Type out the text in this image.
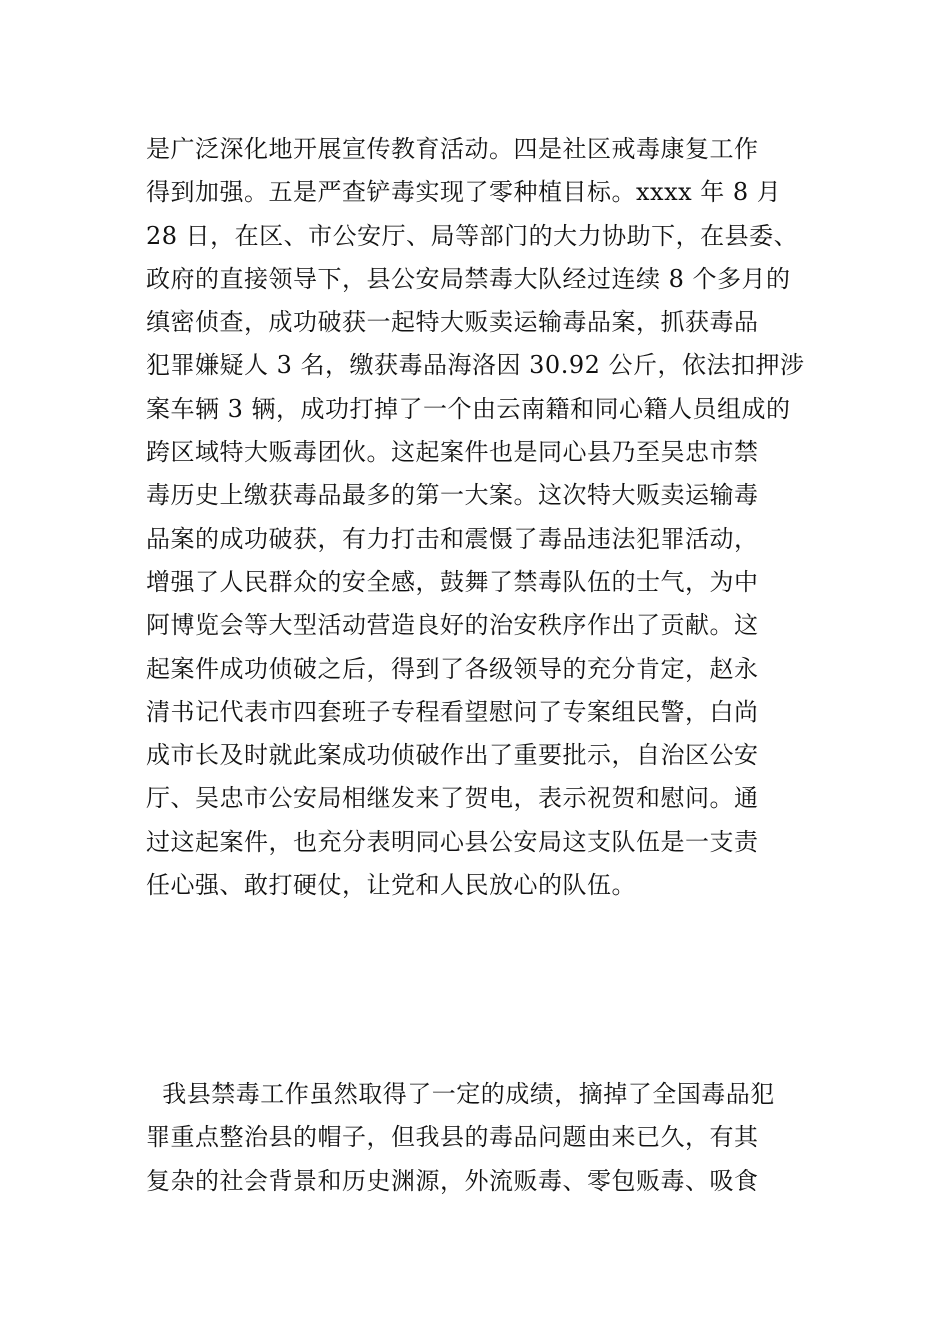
是广泛深化地开展宣传教育活动。四是社区戒毒康复工作
得到加强。五是严查铲毒实现了零种植目标。xxxx 年 8 月
28 日，在区、市公安厅、局等部门的大力协助下，在县委、
政府的直接领导下，县公安局禁毒大队经过连续 8 个多月的
缜密侦查，成功破获一起特大贩卖运输毒品案，抓获毒品
犯罪嫌疑人 3 名，缴获毒品海洛因 30.92 公斤，依法扣押涉
案车辆 3 辆，成功打掉了一个由云南籍和同心籍人员组成的
跨区域特大贩毒团伙。这起案件也是同心县乃至吴忠市禁
毒历史上缴获毒品最多的第一大案。这次特大贩卖运输毒
品案的成功破获，有力打击和震慑了毒品违法犯罪活动，
增强了人民群众的安全感，鼓舞了禁毒队伍的士气，为中
阿博览会等大型活动营造良好的治安秩序作出了贡献。这
起案件成功侦破之后，得到了各级领导的充分肯定，赵永
清书记代表市四套班子专程看望慰问了专案组民警，白尚
成市长及时就此案成功侦破作出了重要批示，自治区公安
厅、吴忠市公安局相继发来了贺电，表示祝贺和慰问。通
过这起案件，也充分表明同心县公安局这支队伍是一支责
任心强、敢打硬仗，让党和人民放心的队伍。
我县禁毒工作虽然取得了一定的成绩，摘掉了全国毒品犯
罪重点整治县的帽子，但我县的毒品问题由来已久，有其
复杂的社会背景和历史渊源，外流贩毒、零包贩毒、吸食
